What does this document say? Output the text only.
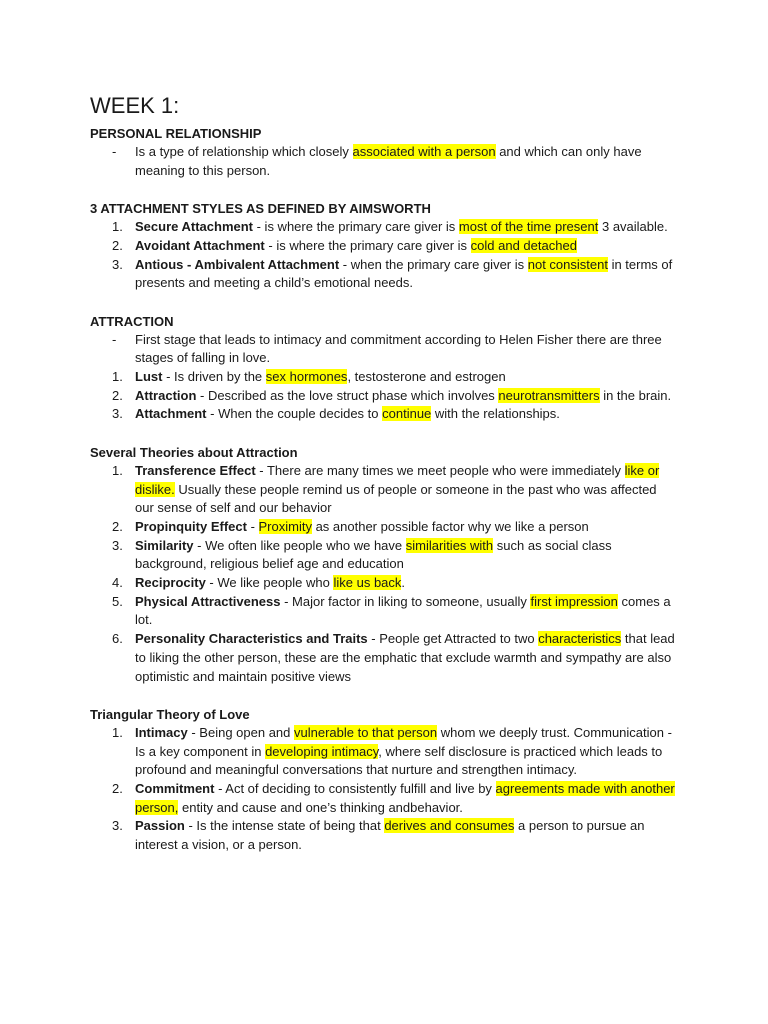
WEEK 1:
PERSONAL RELATIONSHIP
- Is a type of relationship which closely associated with a person and which can only have meaning to this person.
3 ATTACHMENT STYLES AS DEFINED BY AIMSWORTH
1. Secure Attachment - is where the primary care giver is most of the time present 3 available.
2. Avoidant Attachment - is where the primary care giver is cold and detached
3. Antious - Ambivalent Attachment - when the primary care giver is not consistent in terms of presents and meeting a child’s emotional needs.
ATTRACTION
- First stage that leads to intimacy and commitment according to Helen Fisher there are three stages of falling in love.
1. Lust - Is driven by the sex hormones, testosterone and estrogen
2. Attraction - Described as the love struct phase which involves neurotransmitters in the brain.
3. Attachment - When the couple decides to continue with the relationships.
Several Theories about Attraction
1. Transference Effect - There are many times we meet people who were immediately like or dislike. Usually these people remind us of people or someone in the past who was affected our sense of self and our behavior
2. Propinquity Effect - Proximity as another possible factor why we like a person
3. Similarity - We often like people who we have similarities with such as social class background, religious belief age and education
4. Reciprocity - We like people who like us back.
5. Physical Attractiveness - Major factor in liking to someone, usually first impression comes a lot.
6. Personality Characteristics and Traits - People get Attracted to two characteristics that lead to liking the other person, these are the emphatic that exclude warmth and sympathy are also optimistic and maintain positive views
Triangular Theory of Love
1. Intimacy - Being open and vulnerable to that person whom we deeply trust. Communication - Is a key component in developing intimacy, where self disclosure is practiced which leads to profound and meaningful conversations that nurture and strengthen intimacy.
2. Commitment - Act of deciding to consistently fulfill and live by agreements made with another person, entity and cause and one’s thinking andbehavior.
3. Passion - Is the intense state of being that derives and consumes a person to pursue an interest a vision, or a person.
